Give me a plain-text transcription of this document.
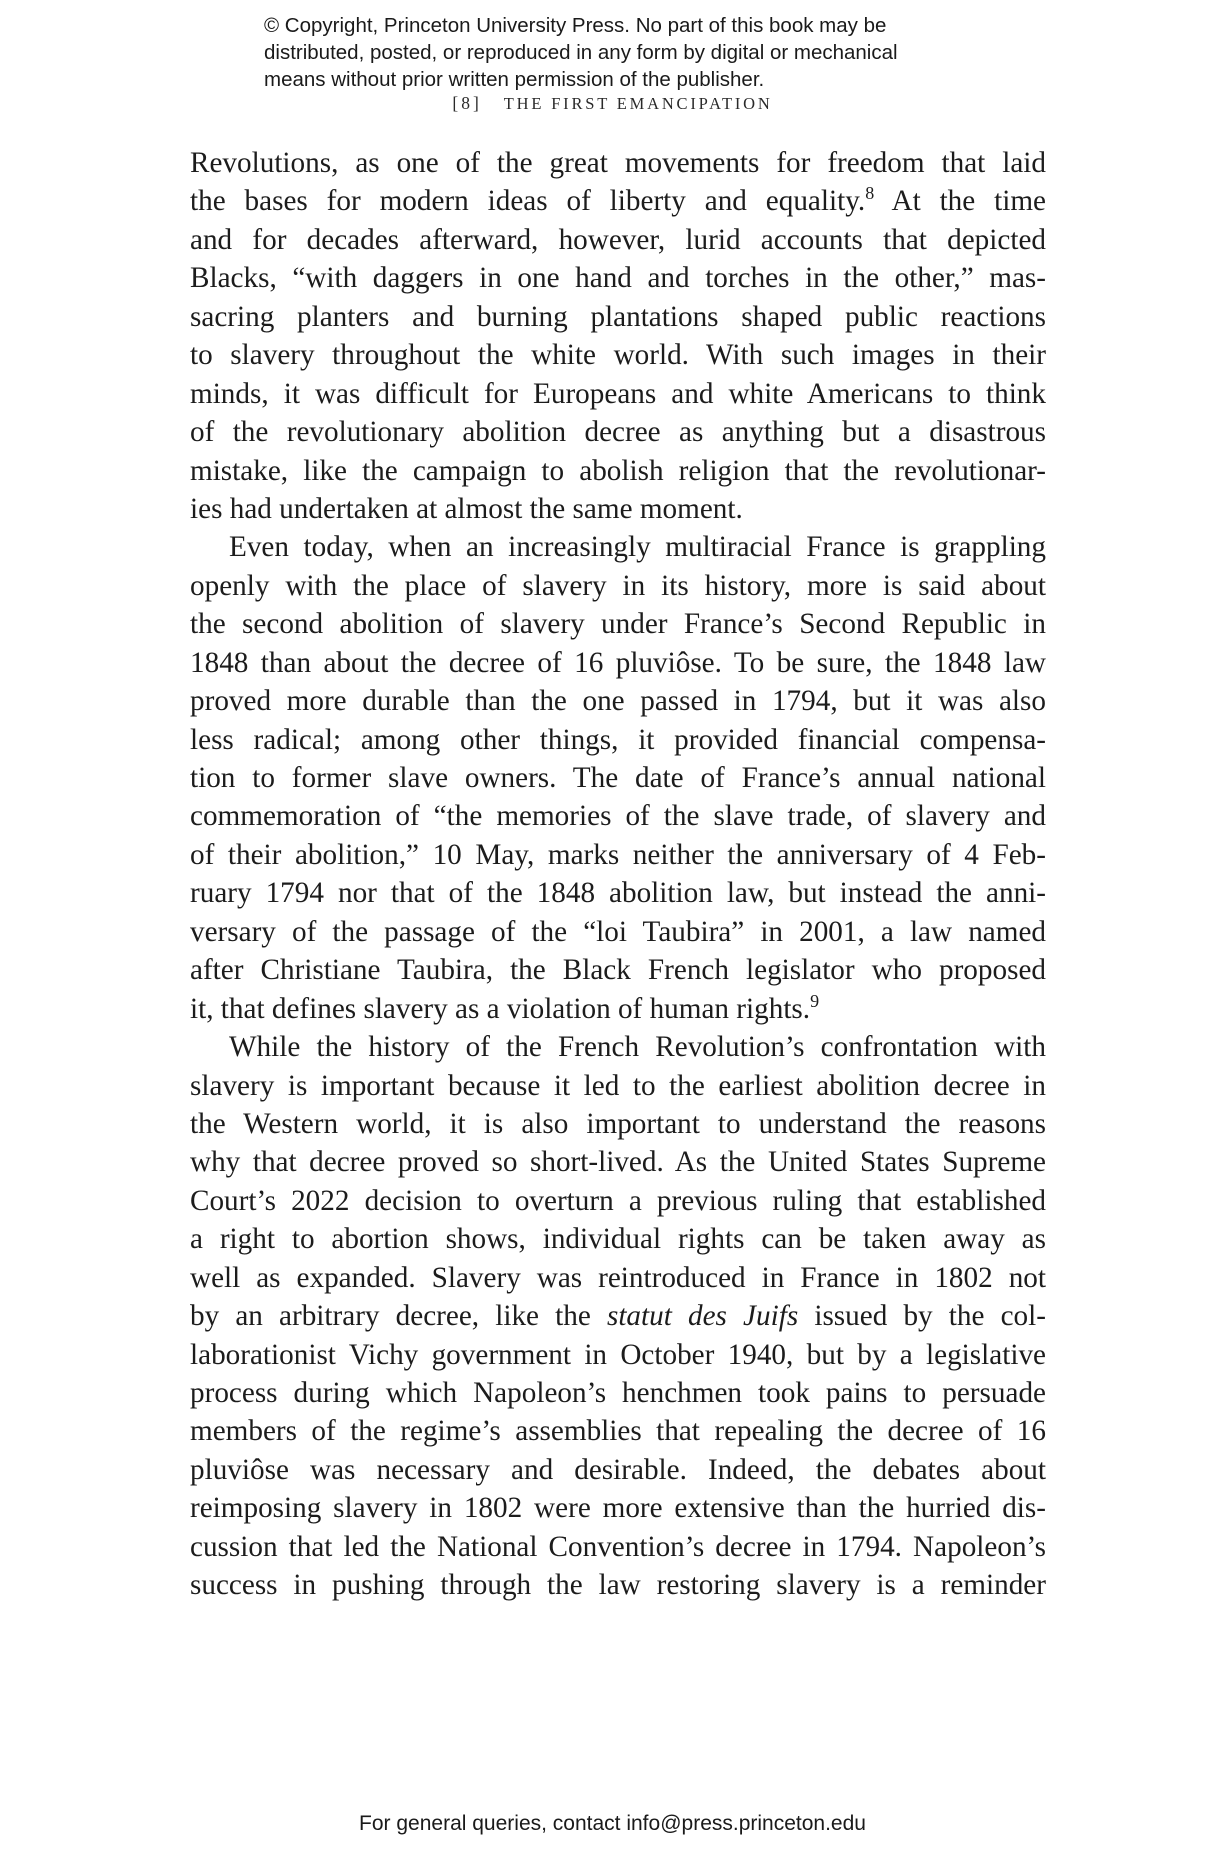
© Copyright, Princeton University Press. No part of this book may be
distributed, posted, or reproduced in any form by digital or mechanical
means without prior written permission of the publisher.
[8] THE FIRST EMANCIPATION
Revolutions, as one of the great movements for freedom that laid
the bases for modern ideas of liberty and equality.$^8$ At the time
and for decades afterward, however, lurid accounts that depicted
Blacks, “with daggers in one hand and torches in the other,” mas-
sacring planters and burning plantations shaped public reactions
to slavery throughout the white world. With such images in their
minds, it was difficult for Europeans and white Americans to think
of the revolutionary abolition decree as anything but a disastrous
mistake, like the campaign to abolish religion that the revolutionar-
ies had undertaken at almost the same moment.
Even today, when an increasingly multiracial France is grappling
openly with the place of slavery in its history, more is said about
the second abolition of slavery under France’s Second Republic in
1848 than about the decree of 16 pluviôse. To be sure, the 1848 law
proved more durable than the one passed in 1794, but it was also
less radical; among other things, it provided financial compensa-
tion to former slave owners. The date of France’s annual national
commemoration of “the memories of the slave trade, of slavery and
of their abolition,” 10 May, marks neither the anniversary of 4 Feb-
ruary 1794 nor that of the 1848 abolition law, but instead the anni-
versary of the passage of the “loi Taubira” in 2001, a law named
after Christiane Taubira, the Black French legislator who proposed
it, that defines slavery as a violation of human rights.$^9$
While the history of the French Revolution’s confrontation with
slavery is important because it led to the earliest abolition decree in
the Western world, it is also important to understand the reasons
why that decree proved so short-lived. As the United States Supreme
Court’s 2022 decision to overturn a previous ruling that established
a right to abortion shows, individual rights can be taken away as
well as expanded. Slavery was reintroduced in France in 1802 not
by an arbitrary decree, like the statut des Juifs issued by the col-
laborationist Vichy government in October 1940, but by a legislative
process during which Napoleon’s henchmen took pains to persuade
members of the regime’s assemblies that repealing the decree of 16
pluviôse was necessary and desirable. Indeed, the debates about
reimposing slavery in 1802 were more extensive than the hurried dis-
cussion that led the National Convention’s decree in 1794. Napoleon’s
success in pushing through the law restoring slavery is a reminder
For general queries, contact info@press.princeton.edu
